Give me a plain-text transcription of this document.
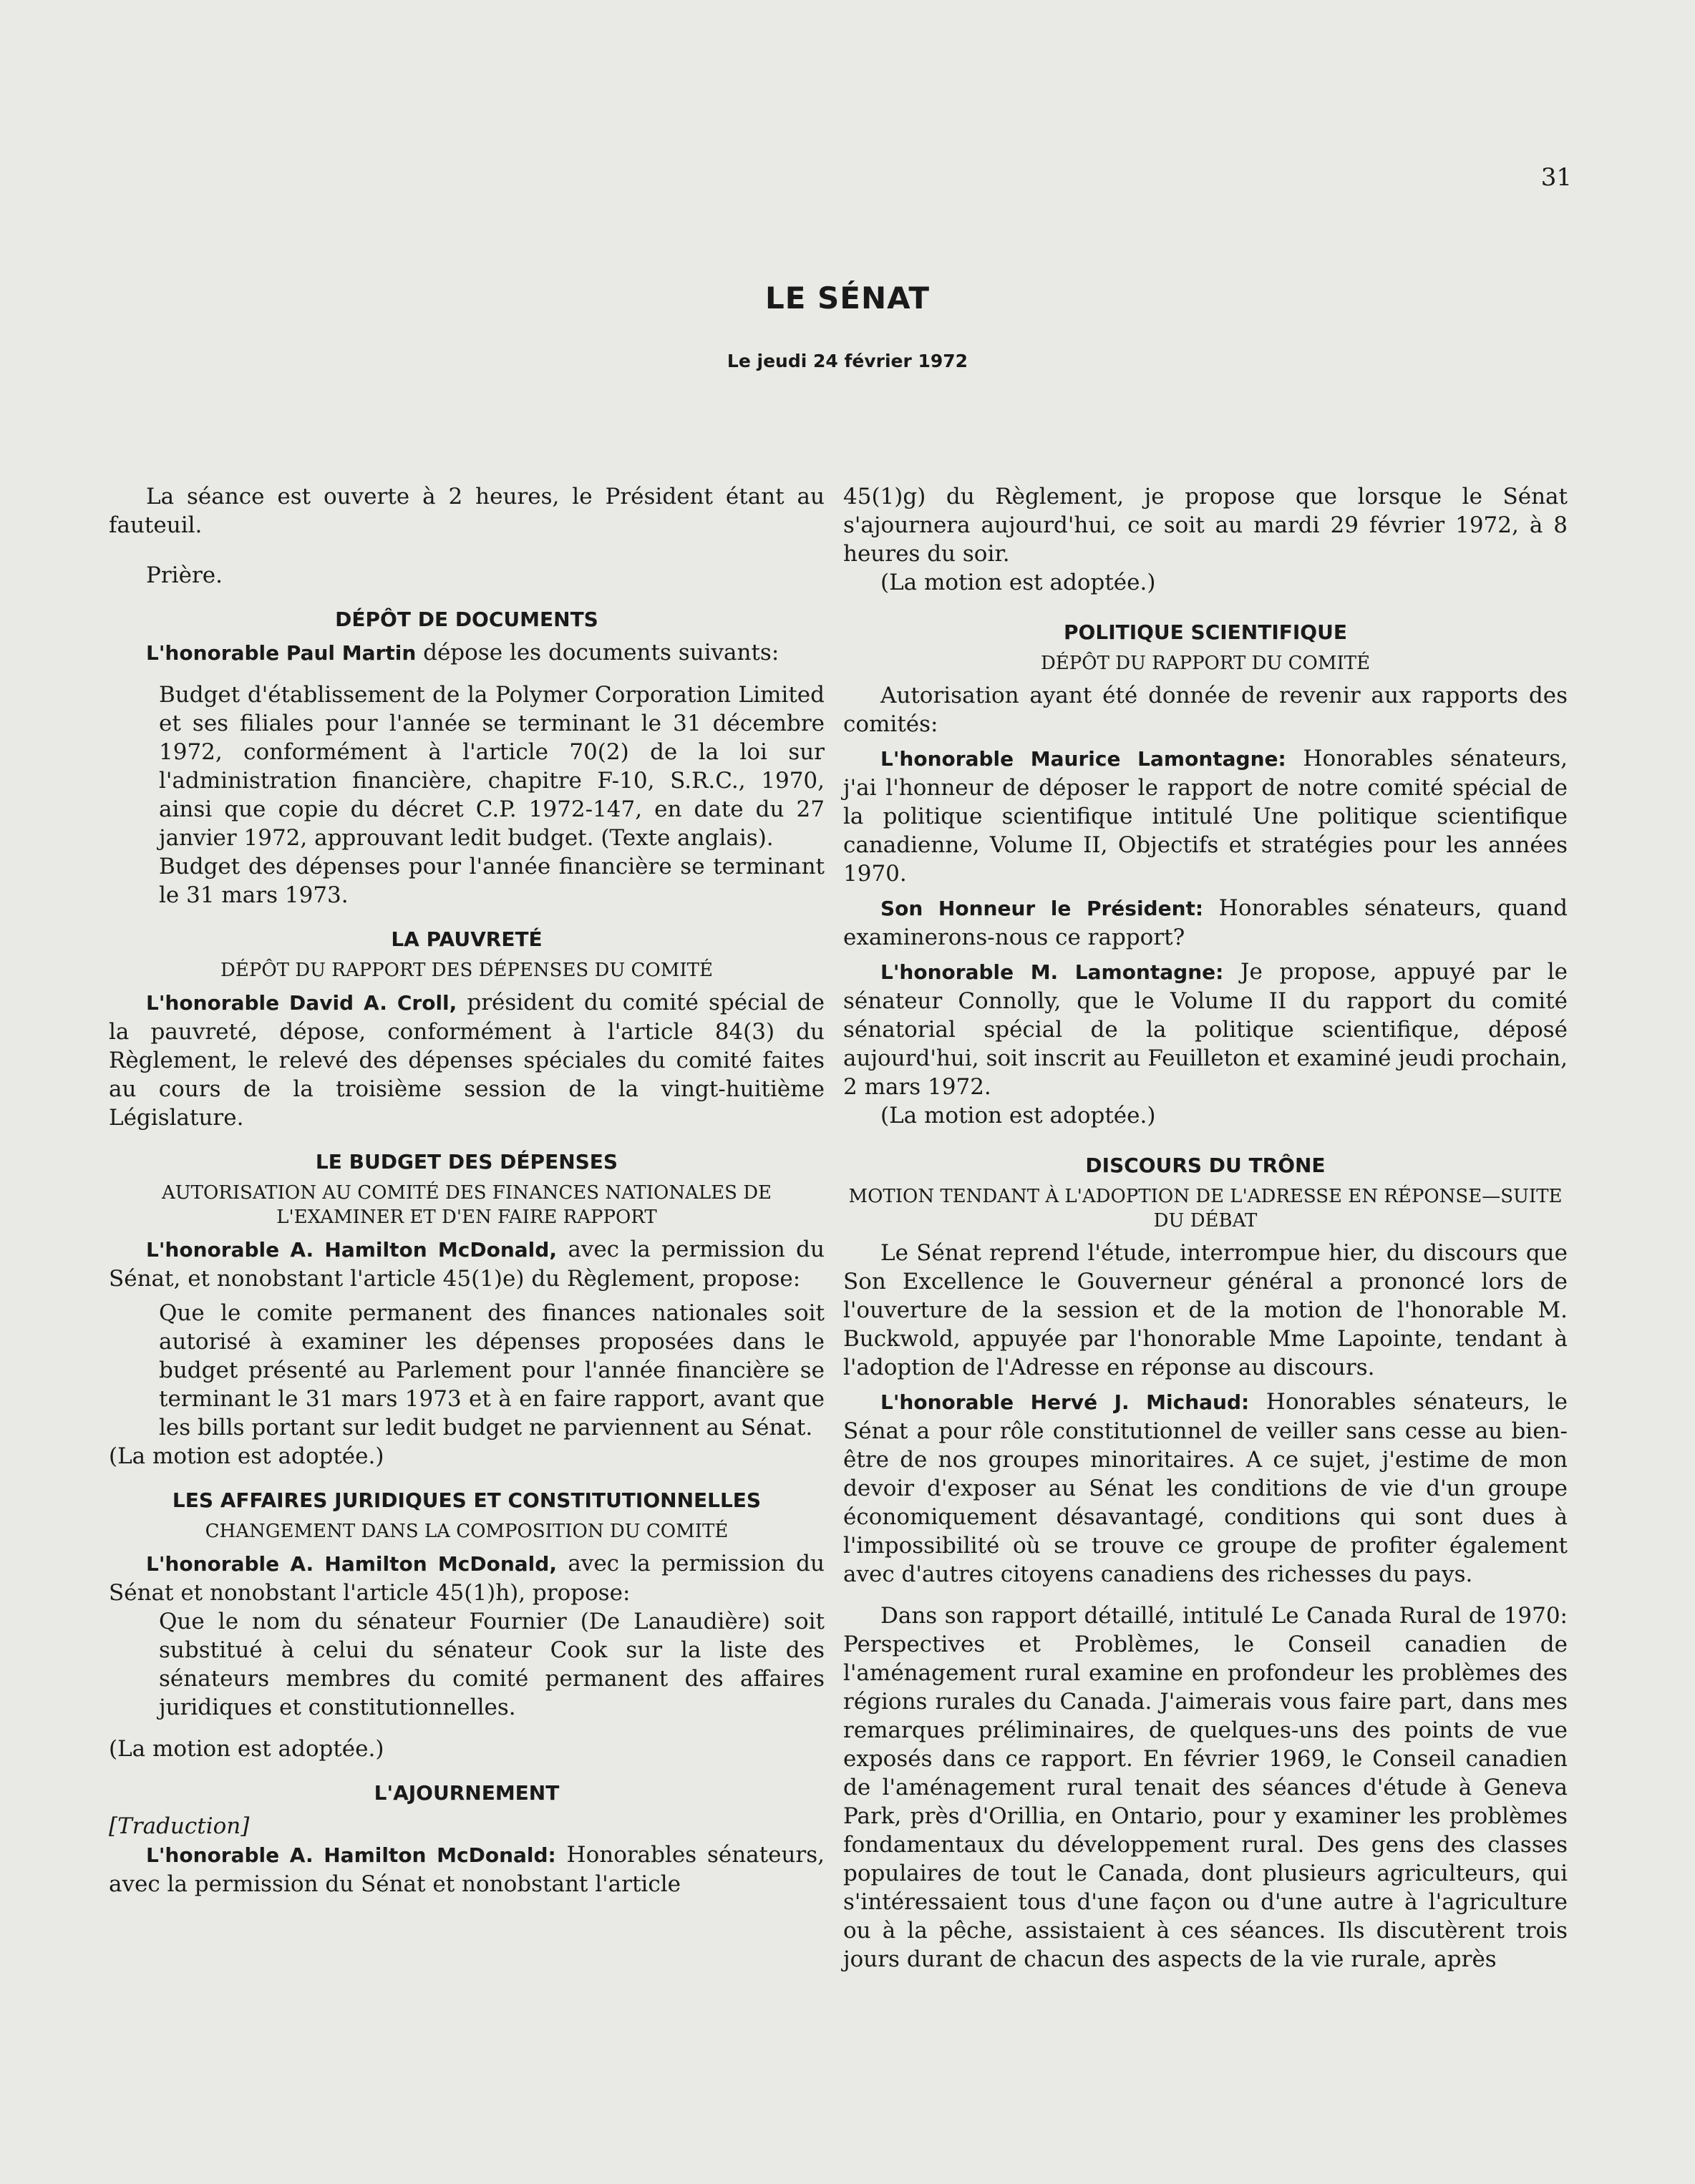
31
LE SÉNAT
Le jeudi 24 février 1972

La séance est ouverte à 2 heures, le Président étant au fauteuil.

Prière.

DÉPÔT DE DOCUMENTS

L'honorable Paul Martin dépose les documents suivants:

Budget d'établissement de la Polymer Corporation Limited et ses filiales pour l'année se terminant le 31 décembre 1972, conformément à l'article 70(2) de la loi sur l'administration financière, chapitre F-10, S.R.C., 1970, ainsi que copie du décret C.P. 1972-147, en date du 27 janvier 1972, approuvant ledit budget. (Texte anglais).

Budget des dépenses pour l'année financière se terminant le 31 mars 1973.

LA PAUVRETÉ
DÉPÔT DU RAPPORT DES DÉPENSES DU COMITÉ

L'honorable David A. Croll, président du comité spécial de la pauvreté, dépose, conformément à l'article 84(3) du Règlement, le relevé des dépenses spéciales du comité faites au cours de la troisième session de la vingt-huitième Législature.

LE BUDGET DES DÉPENSES
AUTORISATION AU COMITÉ DES FINANCES NATIONALES DE L'EXAMINER ET D'EN FAIRE RAPPORT

L'honorable A. Hamilton McDonald, avec la permission du Sénat, et nonobstant l'article 45(1)e) du Règlement, propose:

Que le comite permanent des finances nationales soit autorisé à examiner les dépenses proposées dans le budget présenté au Parlement pour l'année financière se terminant le 31 mars 1973 et à en faire rapport, avant que les bills portant sur ledit budget ne parviennent au Sénat.

(La motion est adoptée.)

LES AFFAIRES JURIDIQUES ET CONSTITUTIONNELLES
CHANGEMENT DANS LA COMPOSITION DU COMITÉ

L'honorable A. Hamilton McDonald, avec la permission du Sénat et nonobstant l'article 45(1)h), propose:

Que le nom du sénateur Fournier (De Lanaudière) soit substitué à celui du sénateur Cook sur la liste des sénateurs membres du comité permanent des affaires juridiques et constitutionnelles.

(La motion est adoptée.)

L'AJOURNEMENT

[Traduction]

L'honorable A. Hamilton McDonald: Honorables sénateurs, avec la permission du Sénat et nonobstant l'article

45(1)g) du Règlement, je propose que lorsque le Sénat s'ajournera aujourd'hui, ce soit au mardi 29 février 1972, à 8 heures du soir.

(La motion est adoptée.)

POLITIQUE SCIENTIFIQUE
DÉPÔT DU RAPPORT DU COMITÉ

Autorisation ayant été donnée de revenir aux rapports des comités:

L'honorable Maurice Lamontagne: Honorables sénateurs, j'ai l'honneur de déposer le rapport de notre comité spécial de la politique scientifique intitulé Une politique scientifique canadienne, Volume II, Objectifs et stratégies pour les années 1970.

Son Honneur le Président: Honorables sénateurs, quand examinerons-nous ce rapport?

L'honorable M. Lamontagne: Je propose, appuyé par le sénateur Connolly, que le Volume II du rapport du comité sénatorial spécial de la politique scientifique, déposé aujourd'hui, soit inscrit au Feuilleton et examiné jeudi prochain, 2 mars 1972.

(La motion est adoptée.)

DISCOURS DU TRÔNE
MOTION TENDANT À L'ADOPTION DE L'ADRESSE EN RÉPONSE—SUITE DU DÉBAT

Le Sénat reprend l'étude, interrompue hier, du discours que Son Excellence le Gouverneur général a prononcé lors de l'ouverture de la session et de la motion de l'honorable M. Buckwold, appuyée par l'honorable Mme Lapointe, tendant à l'adoption de l'Adresse en réponse au discours.

L'honorable Hervé J. Michaud: Honorables sénateurs, le Sénat a pour rôle constitutionnel de veiller sans cesse au bien-être de nos groupes minoritaires. A ce sujet, j'estime de mon devoir d'exposer au Sénat les conditions de vie d'un groupe économiquement désavantagé, conditions qui sont dues à l'impossibilité où se trouve ce groupe de profiter également avec d'autres citoyens canadiens des richesses du pays.

Dans son rapport détaillé, intitulé Le Canada Rural de 1970: Perspectives et Problèmes, le Conseil canadien de l'aménagement rural examine en profondeur les problèmes des régions rurales du Canada. J'aimerais vous faire part, dans mes remarques préliminaires, de quelques-uns des points de vue exposés dans ce rapport. En février 1969, le Conseil canadien de l'aménagement rural tenait des séances d'étude à Geneva Park, près d'Orillia, en Ontario, pour y examiner les problèmes fondamentaux du développement rural. Des gens des classes populaires de tout le Canada, dont plusieurs agriculteurs, qui s'intéressaient tous d'une façon ou d'une autre à l'agriculture ou à la pêche, assistaient à ces séances. Ils discutèrent trois jours durant de chacun des aspects de la vie rurale, après
